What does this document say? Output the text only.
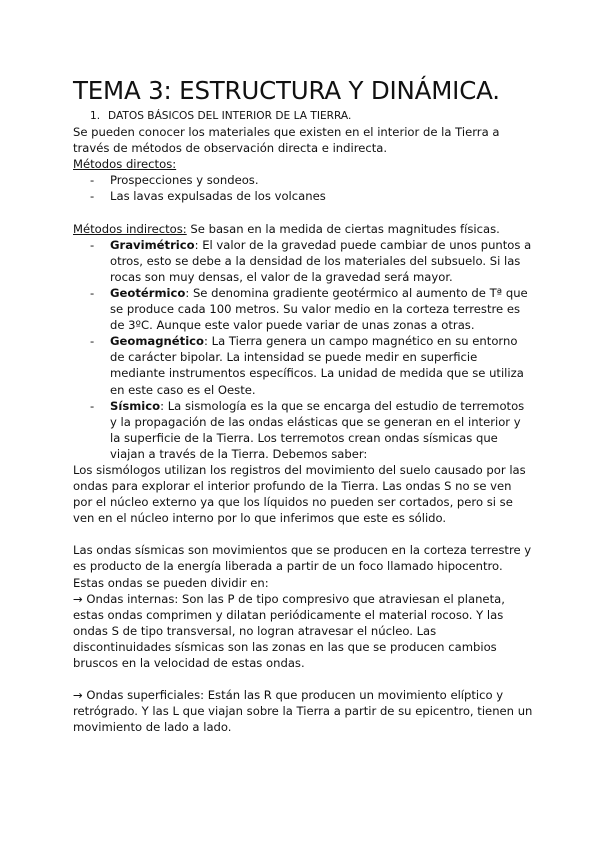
TEMA 3: ESTRUCTURA Y DINÁMICA.
1. DATOS BÁSICOS DEL INTERIOR DE LA TIERRA.

Se pueden conocer los materiales que existen en el interior de la Tierra a través de métodos de observación directa e indirecta.

Métodos directos:

-	Prospecciones y sondeos.
-	Las lavas expulsadas de los volcanes

Métodos indirectos: Se basan en la medida de ciertas magnitudes físicas.

-	Gravimétrico: El valor de la gravedad puede cambiar de unos puntos a otros, esto se debe a la densidad de los materiales del subsuelo. Si las rocas son muy densas, el valor de la gravedad será mayor.
-	Geotérmico: Se denomina gradiente geotérmico al aumento de Tª que se produce cada 100 metros. Su valor medio en la corteza terrestre es de 3ºC. Aunque este valor puede variar de unas zonas a otras.
-	Geomagnético: La Tierra genera un campo magnético en su entorno de carácter bipolar. La intensidad se puede medir en superficie mediante instrumentos específicos. La unidad de medida que se utiliza en este caso es el Oeste.
-	Sísmico: La sismología es la que se encarga del estudio de terremotos y la propagación de las ondas elásticas que se generan en el interior y la superficie de la Tierra. Los terremotos crean ondas sísmicas que viajan a través de la Tierra. Debemos saber:

Los sismólogos utilizan los registros del movimiento del suelo causado por las ondas para explorar el interior profundo de la Tierra. Las ondas S no se ven por el núcleo externo ya que los líquidos no pueden ser cortados, pero si se ven en el núcleo interno por lo que inferimos que este es sólido.

Las ondas sísmicas son movimientos que se producen en la corteza terrestre y es producto de la energía liberada a partir de un foco llamado hipocentro. Estas ondas se pueden dividir en:

→ Ondas internas: Son las P de tipo compresivo que atraviesan el planeta, estas ondas comprimen y dilatan periódicamente el material rocoso. Y las ondas S de tipo transversal, no logran atravesar el núcleo. Las discontinuidades sísmicas son las zonas en las que se producen cambios bruscos en la velocidad de estas ondas.

→ Ondas superficiales: Están las R que producen un movimiento elíptico y retrógrado. Y las L que viajan sobre la Tierra a partir de su epicentro, tienen un movimiento de lado a lado.
